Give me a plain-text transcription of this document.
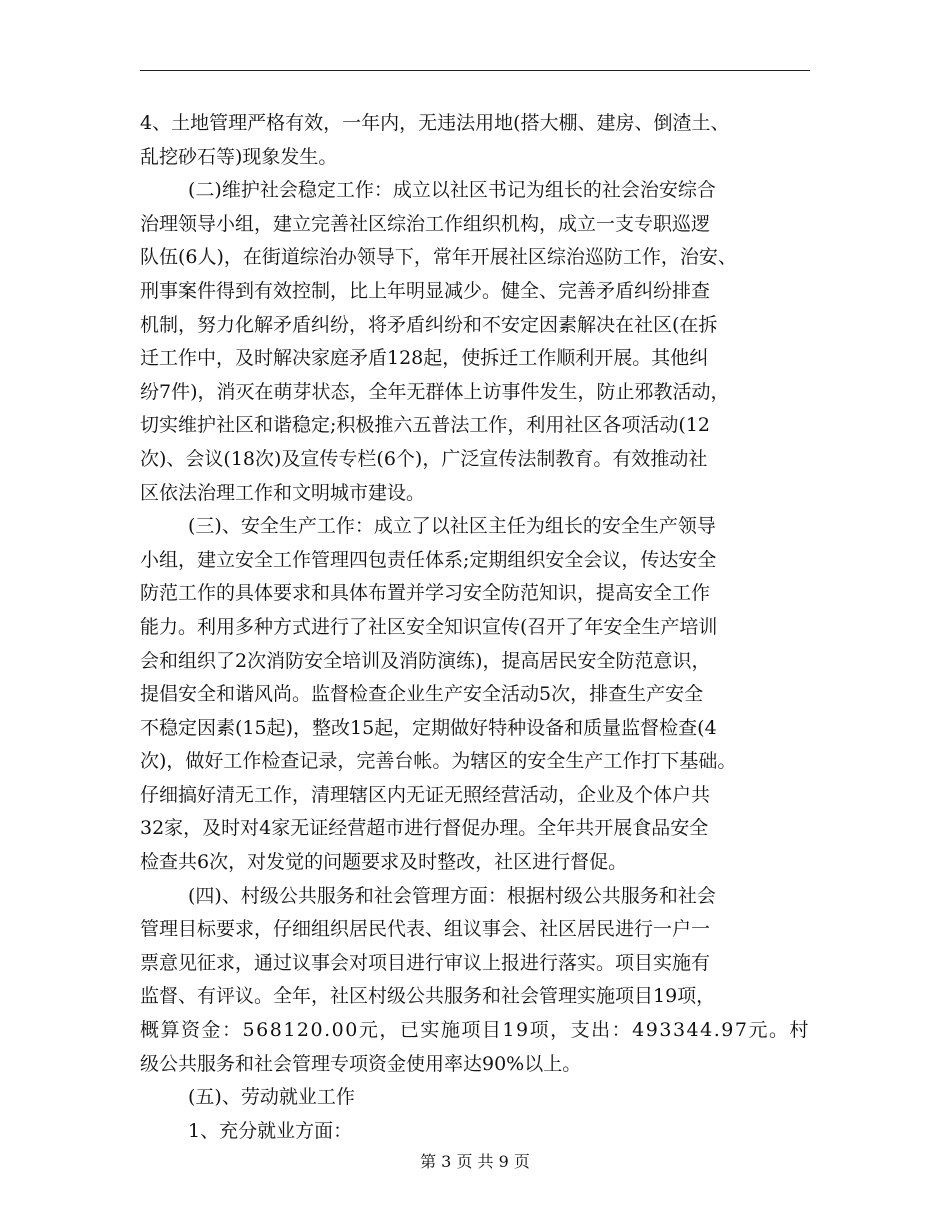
4、土地管理严格有效，一年内，无违法用地(搭大棚、建房、倒渣土、
乱挖砂石等)现象发生。
(二)维护社会稳定工作：成立以社区书记为组长的社会治安综合
治理领导小组，建立完善社区综治工作组织机构，成立一支专职巡逻
队伍(6人)，在街道综治办领导下，常年开展社区综治巡防工作，治安、
刑事案件得到有效控制，比上年明显减少。健全、完善矛盾纠纷排查
机制，努力化解矛盾纠纷，将矛盾纠纷和不安定因素解决在社区(在拆
迁工作中，及时解决家庭矛盾128起，使拆迁工作顺利开展。其他纠
纷7件)，消灭在萌芽状态，全年无群体上访事件发生，防止邪教活动，
切实维护社区和谐稳定;积极推六五普法工作，利用社区各项活动(12
次)、会议(18次)及宣传专栏(6个)，广泛宣传法制教育。有效推动社
区依法治理工作和文明城市建设。
(三)、安全生产工作：成立了以社区主任为组长的安全生产领导
小组，建立安全工作管理四包责任体系;定期组织安全会议，传达安全
防范工作的具体要求和具体布置并学习安全防范知识，提高安全工作
能力。利用多种方式进行了社区安全知识宣传(召开了年安全生产培训
会和组织了2次消防安全培训及消防演练)，提高居民安全防范意识，
提倡安全和谐风尚。监督检查企业生产安全活动5次，排查生产安全
不稳定因素(15起)，整改15起，定期做好特种设备和质量监督检查(4
次)，做好工作检查记录，完善台帐。为辖区的安全生产工作打下基础。
仔细搞好清无工作，清理辖区内无证无照经营活动，企业及个体户共
32家，及时对4家无证经营超市进行督促办理。全年共开展食品安全
检查共6次，对发觉的问题要求及时整改，社区进行督促。
(四)、村级公共服务和社会管理方面：根据村级公共服务和社会
管理目标要求，仔细组织居民代表、组议事会、社区居民进行一户一
票意见征求，通过议事会对项目进行审议上报进行落实。项目实施有
监督、有评议。全年，社区村级公共服务和社会管理实施项目19项，
概算资金：568120.00元，已实施项目19项，支出：493344.97元。村
级公共服务和社会管理专项资金使用率达90%以上。
(五)、劳动就业工作
1、充分就业方面：
第 3 页 共 9 页
